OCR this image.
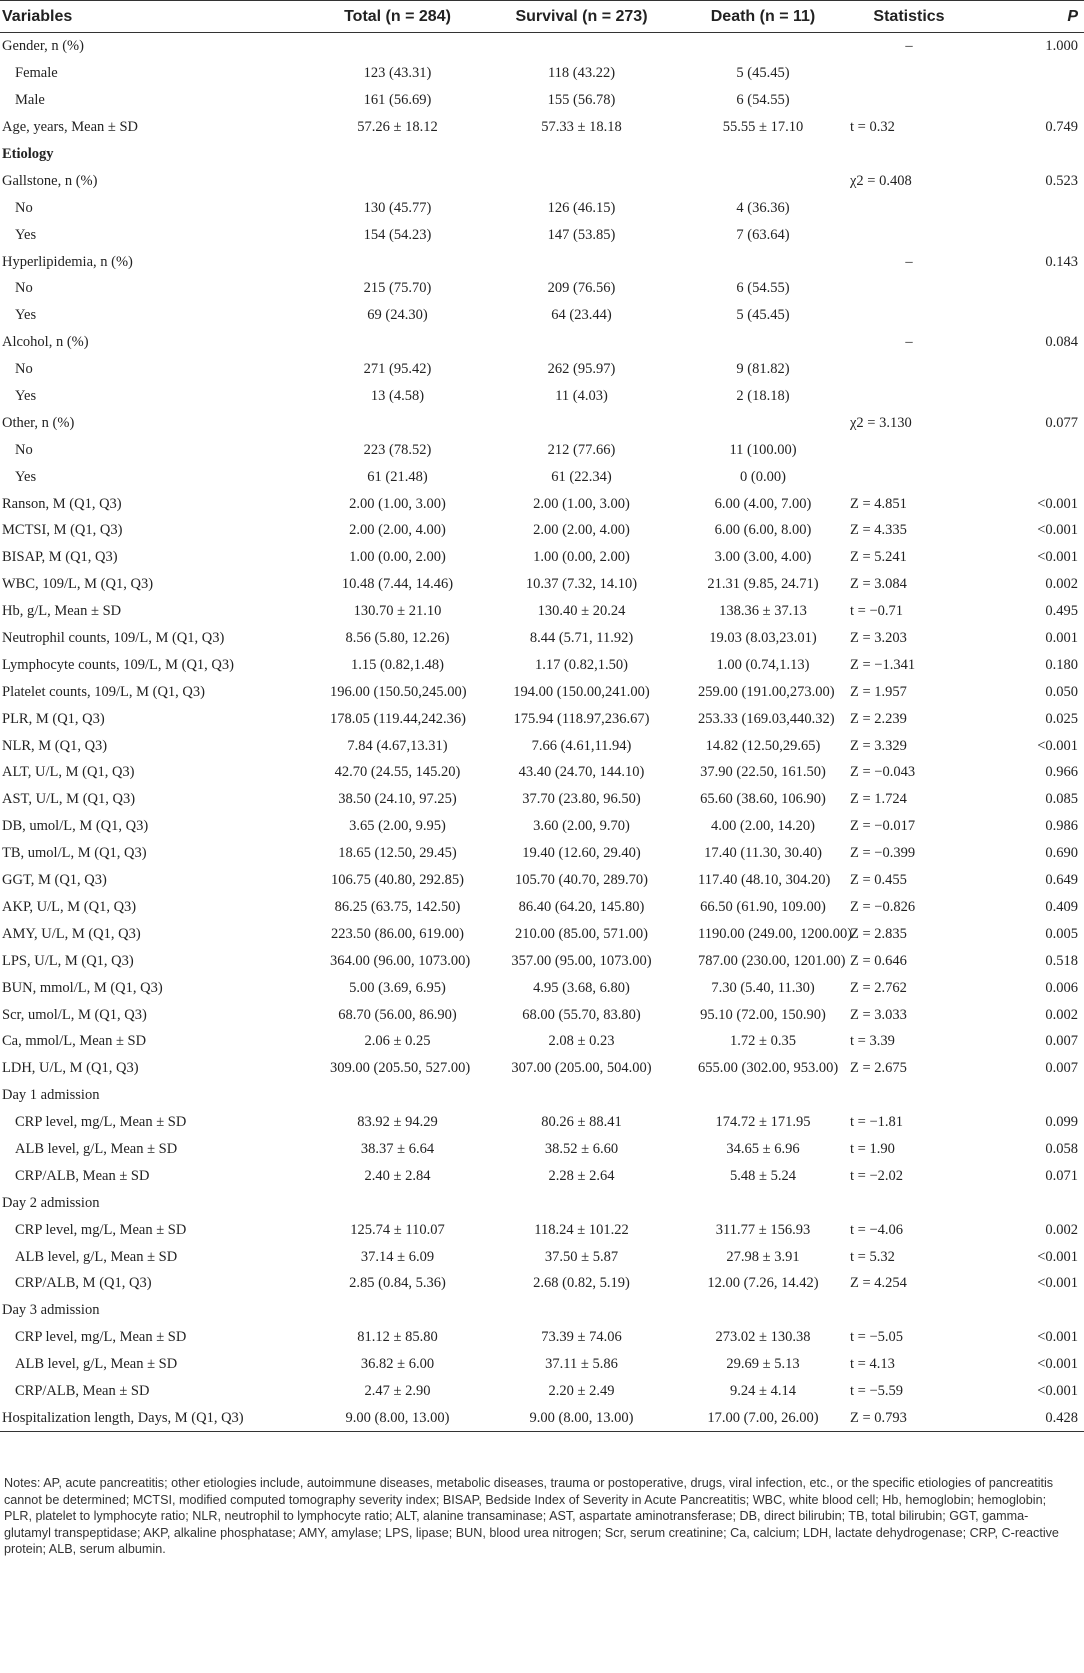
Variables	Total (n = 284)	Survival (n = 273)	Death (n = 11)	Statistics	P
Gender, n (%)				–	1.000
Female	123 (43.31)	118 (43.22)	5 (45.45)		
Male	161 (56.69)	155 (56.78)	6 (54.55)		
Age, years, Mean ± SD	57.26 ± 18.12	57.33 ± 18.18	55.55 ± 17.10	t = 0.32	0.749
Etiology					
Gallstone, n (%)				χ2 = 0.408	0.523
No	130 (45.77)	126 (46.15)	4 (36.36)		
Yes	154 (54.23)	147 (53.85)	7 (63.64)		
Hyperlipidemia, n (%)				–	0.143
No	215 (75.70)	209 (76.56)	6 (54.55)		
Yes	69 (24.30)	64 (23.44)	5 (45.45)		
Alcohol, n (%)				–	0.084
No	271 (95.42)	262 (95.97)	9 (81.82)		
Yes	13 (4.58)	11 (4.03)	2 (18.18)		
Other, n (%)				χ2 = 3.130	0.077
No	223 (78.52)	212 (77.66)	11 (100.00)		
Yes	61 (21.48)	61 (22.34)	0 (0.00)		
Ranson, M (Q1, Q3)	2.00 (1.00, 3.00)	2.00 (1.00, 3.00)	6.00 (4.00, 7.00)	Z = 4.851	<0.001
MCTSI, M (Q1, Q3)	2.00 (2.00, 4.00)	2.00 (2.00, 4.00)	6.00 (6.00, 8.00)	Z = 4.335	<0.001
BISAP, M (Q1, Q3)	1.00 (0.00, 2.00)	1.00 (0.00, 2.00)	3.00 (3.00, 4.00)	Z = 5.241	<0.001
WBC, 109/L, M (Q1, Q3)	10.48 (7.44, 14.46)	10.37 (7.32, 14.10)	21.31 (9.85, 24.71)	Z = 3.084	0.002
Hb, g/L, Mean ± SD	130.70 ± 21.10	130.40 ± 20.24	138.36 ± 37.13	t = −0.71	0.495
Neutrophil counts, 109/L, M (Q1, Q3)	8.56 (5.80, 12.26)	8.44 (5.71, 11.92)	19.03 (8.03,23.01)	Z = 3.203	0.001
Lymphocyte counts, 109/L, M (Q1, Q3)	1.15 (0.82,1.48)	1.17 (0.82,1.50)	1.00 (0.74,1.13)	Z = −1.341	0.180
Platelet counts, 109/L, M (Q1, Q3)	196.00 (150.50,245.00)	194.00 (150.00,241.00)	259.00 (191.00,273.00)	Z = 1.957	0.050
PLR, M (Q1, Q3)	178.05 (119.44,242.36)	175.94 (118.97,236.67)	253.33 (169.03,440.32)	Z = 2.239	0.025
NLR, M (Q1, Q3)	7.84 (4.67,13.31)	7.66 (4.61,11.94)	14.82 (12.50,29.65)	Z = 3.329	<0.001
ALT, U/L, M (Q1, Q3)	42.70 (24.55, 145.20)	43.40 (24.70, 144.10)	37.90 (22.50, 161.50)	Z = −0.043	0.966
AST, U/L, M (Q1, Q3)	38.50 (24.10, 97.25)	37.70 (23.80, 96.50)	65.60 (38.60, 106.90)	Z = 1.724	0.085
DB, umol/L, M (Q1, Q3)	3.65 (2.00, 9.95)	3.60 (2.00, 9.70)	4.00 (2.00, 14.20)	Z = −0.017	0.986
TB, umol/L, M (Q1, Q3)	18.65 (12.50, 29.45)	19.40 (12.60, 29.40)	17.40 (11.30, 30.40)	Z = −0.399	0.690
GGT, M (Q1, Q3)	106.75 (40.80, 292.85)	105.70 (40.70, 289.70)	117.40 (48.10, 304.20)	Z = 0.455	0.649
AKP, U/L, M (Q1, Q3)	86.25 (63.75, 142.50)	86.40 (64.20, 145.80)	66.50 (61.90, 109.00)	Z = −0.826	0.409
AMY, U/L, M (Q1, Q3)	223.50 (86.00, 619.00)	210.00 (85.00, 571.00)	1190.00 (249.00, 1200.00)	Z = 2.835	0.005
LPS, U/L, M (Q1, Q3)	364.00 (96.00, 1073.00)	357.00 (95.00, 1073.00)	787.00 (230.00, 1201.00)	Z = 0.646	0.518
BUN, mmol/L, M (Q1, Q3)	5.00 (3.69, 6.95)	4.95 (3.68, 6.80)	7.30 (5.40, 11.30)	Z = 2.762	0.006
Scr, umol/L, M (Q1, Q3)	68.70 (56.00, 86.90)	68.00 (55.70, 83.80)	95.10 (72.00, 150.90)	Z = 3.033	0.002
Ca, mmol/L, Mean ± SD	2.06 ± 0.25	2.08 ± 0.23	1.72 ± 0.35	t = 3.39	0.007
LDH, U/L, M (Q1, Q3)	309.00 (205.50, 527.00)	307.00 (205.00, 504.00)	655.00 (302.00, 953.00)	Z = 2.675	0.007
Day 1 admission					
CRP level, mg/L, Mean ± SD	83.92 ± 94.29	80.26 ± 88.41	174.72 ± 171.95	t = −1.81	0.099
ALB level, g/L, Mean ± SD	38.37 ± 6.64	38.52 ± 6.60	34.65 ± 6.96	t = 1.90	0.058
CRP/ALB, Mean ± SD	2.40 ± 2.84	2.28 ± 2.64	5.48 ± 5.24	t = −2.02	0.071
Day 2 admission					
CRP level, mg/L, Mean ± SD	125.74 ± 110.07	118.24 ± 101.22	311.77 ± 156.93	t = −4.06	0.002
ALB level, g/L, Mean ± SD	37.14 ± 6.09	37.50 ± 5.87	27.98 ± 3.91	t = 5.32	<0.001
CRP/ALB, M (Q1, Q3)	2.85 (0.84, 5.36)	2.68 (0.82, 5.19)	12.00 (7.26, 14.42)	Z = 4.254	<0.001
Day 3 admission					
CRP level, mg/L, Mean ± SD	81.12 ± 85.80	73.39 ± 74.06	273.02 ± 130.38	t = −5.05	<0.001
ALB level, g/L, Mean ± SD	36.82 ± 6.00	37.11 ± 5.86	29.69 ± 5.13	t = 4.13	<0.001
CRP/ALB, Mean ± SD	2.47 ± 2.90	2.20 ± 2.49	9.24 ± 4.14	t = −5.59	<0.001
Hospitalization length, Days, M (Q1, Q3)	9.00 (8.00, 13.00)	9.00 (8.00, 13.00)	17.00 (7.00, 26.00)	Z = 0.793	0.428
Notes: AP, acute pancreatitis; other etiologies include, autoimmune diseases, metabolic diseases, trauma or postoperative, drugs, viral infection, etc., or the specific etiologies of pancreatitis cannot be determined; MCTSI, modified computed tomography severity index; BISAP, Bedside Index of Severity in Acute Pancreatitis; WBC, white blood cell; Hb, hemoglobin; hemoglobin; PLR, platelet to lymphocyte ratio; NLR, neutrophil to lymphocyte ratio; ALT, alanine transaminase; AST, aspartate aminotransferase; DB, direct bilirubin; TB, total bilirubin; GGT, gamma-glutamyl transpeptidase; AKP, alkaline phosphatase; AMY, amylase; LPS, lipase; BUN, blood urea nitrogen; Scr, serum creatinine; Ca, calcium; LDH, lactate dehydrogenase; CRP, C-reactive protein; ALB, serum albumin.
